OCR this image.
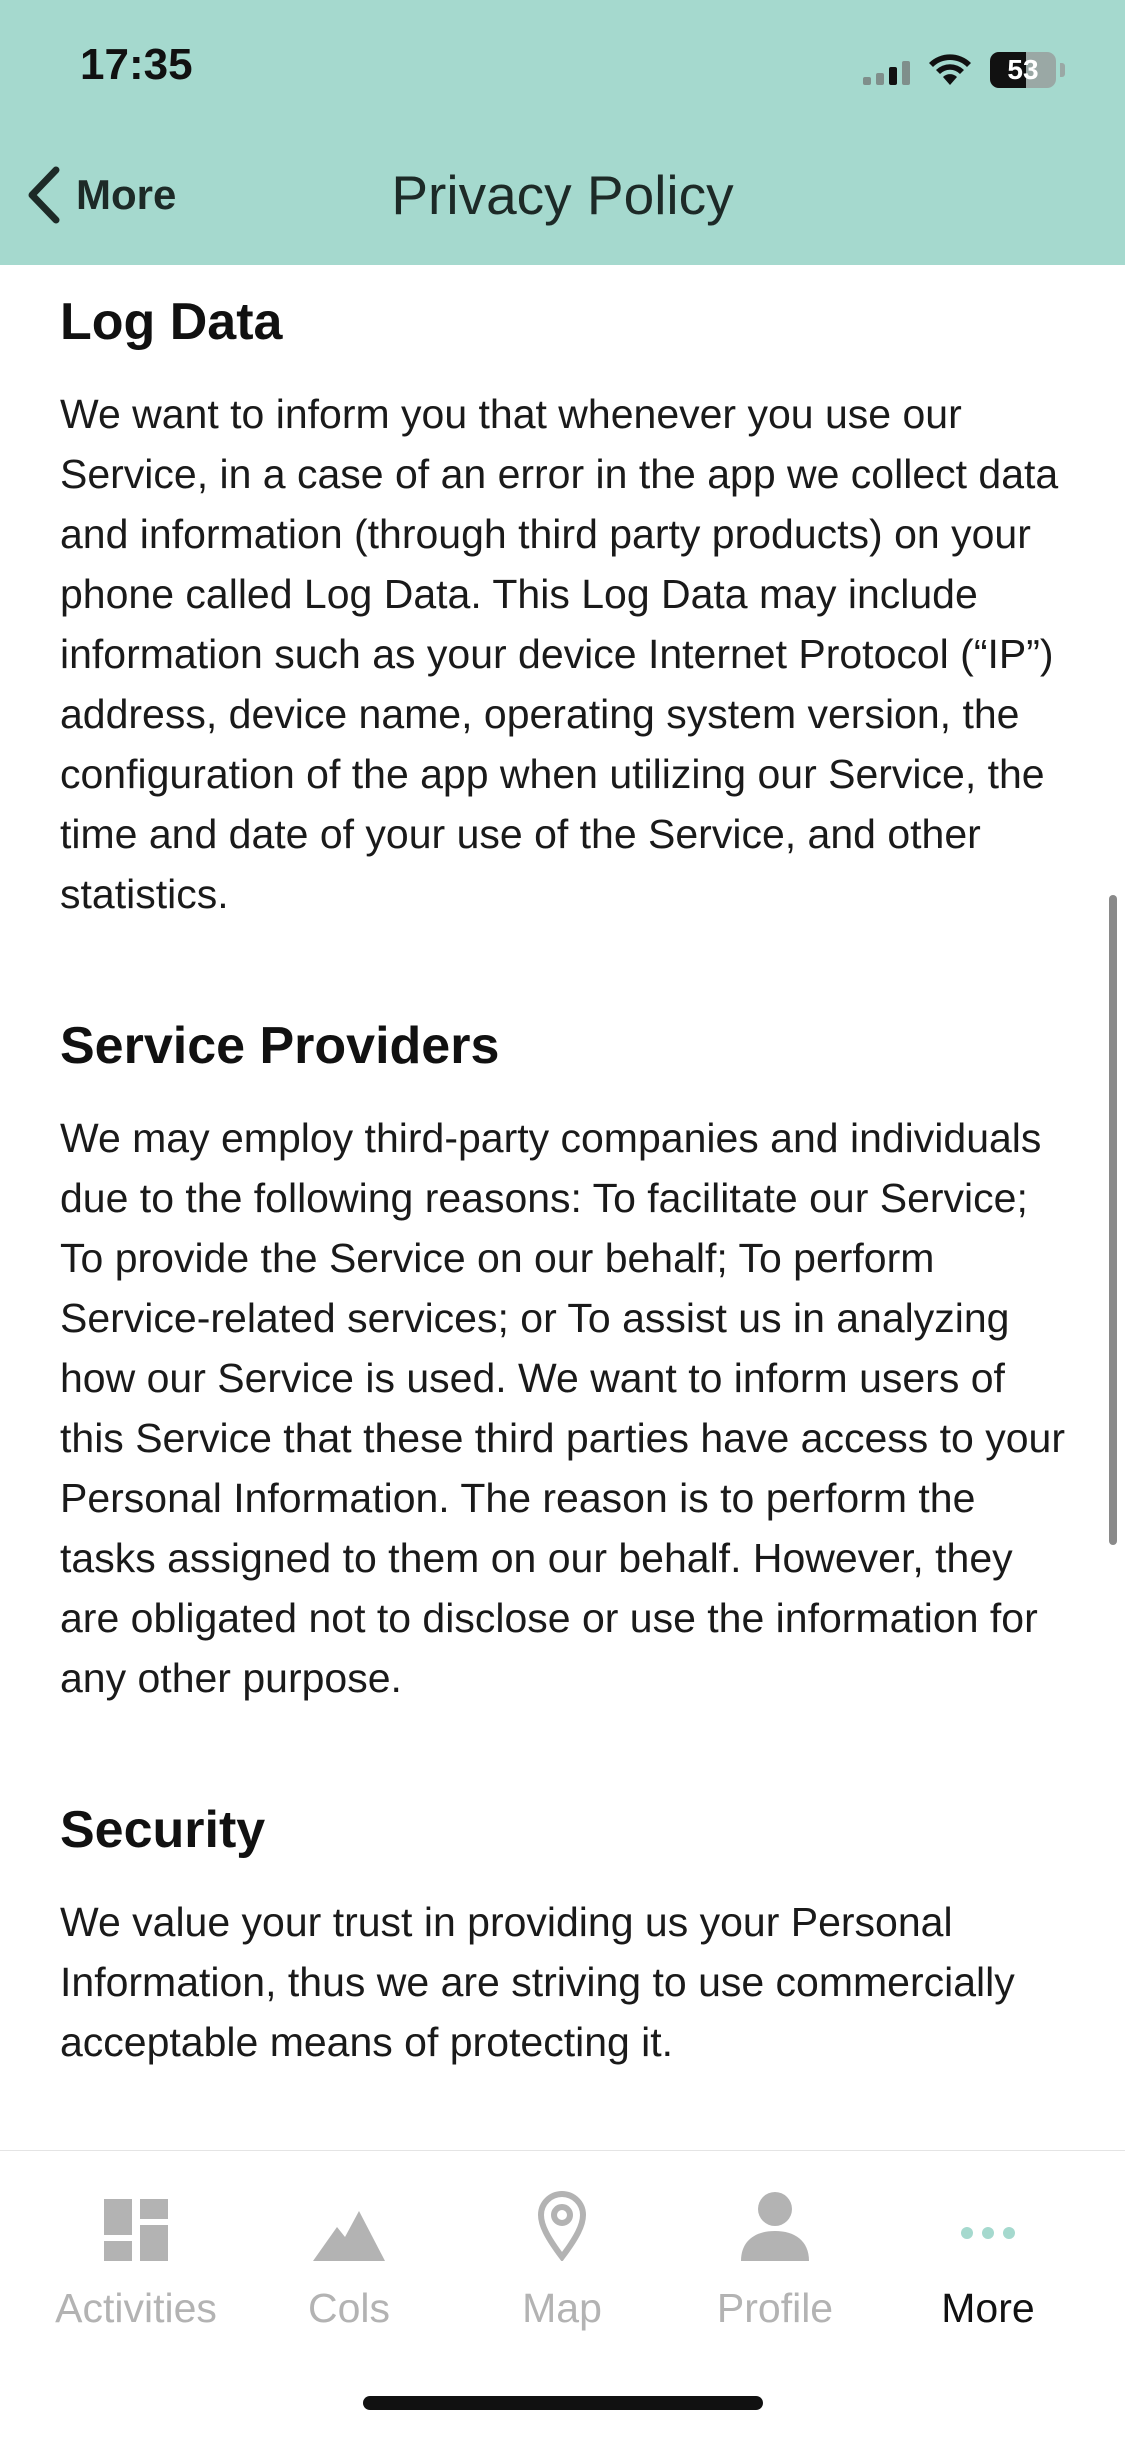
17:35	53
More	Privacy Policy
Log Data

We want to inform you that whenever you use our Service, in a case of an error in the app we collect data and information (through third party products) on your phone called Log Data. This Log Data may include information such as your device Internet Protocol (“IP”) address, device name, operating system version, the configuration of the app when utilizing our Service, the time and date of your use of the Service, and other statistics.

Service Providers

We may employ third-party companies and individuals due to the following reasons: To facilitate our Service; To provide the Service on our behalf; To perform Service-related services; or To assist us in analyzing how our Service is used. We want to inform users of this Service that these third parties have access to your Personal Information. The reason is to perform the tasks assigned to them on our behalf. However, they are obligated not to disclose or use the information for any other purpose.

Security

We value your trust in providing us your Personal Information, thus we are striving to use commercially acceptable means of protecting it.

Activities	Cols	Map	Profile	More
